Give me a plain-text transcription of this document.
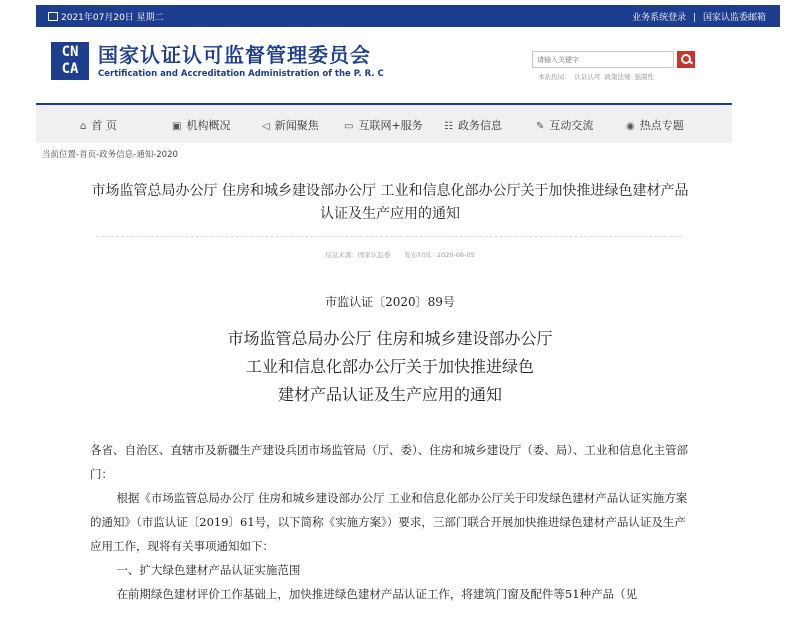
2021年07月20日 星期二	业务系统登录 | 国家认监委邮箱
CN
CA
国家认证认可监督管理委员会
Certification and Accreditation Administration of the P. R. C
请输入关键字	本站热词： 认证认可 政策法规 强制性
⌂ 首 页	▣ 机构概况	◁ 新闻聚焦	▭ 互联网+服务 ☷ 政务信息	✎ 互动交流	◉ 热点专题
当前位置-首页-政务信息-通知-2020
市场监管总局办公厅 住房和城乡建设部办公厅 工业和信息化部办公厅关于加快推进绿色建材产品认证及生产应用的通知
信息来源：国家认监委 发布时间：2020-08-05
市监认证〔2020〕89号
市场监管总局办公厅 住房和城乡建设部办公厅
工业和信息化部办公厅关于加快推进绿色
建材产品认证及生产应用的通知

各省、自治区、直辖市及新疆生产建设兵团市场监管局（厅、委）、住房和城乡建设厅（委、局）、工业和信息化主管部门：

根据《市场监管总局办公厅 住房和城乡建设部办公厅 工业和信息化部办公厅关于印发绿色建材产品认证实施方案的通知》（市监认证〔2019〕61号，以下简称《实施方案》）要求，三部门联合开展加快推进绿色建材产品认证及生产应用工作，现将有关事项通知如下：

一、扩大绿色建材产品认证实施范围

在前期绿色建材评价工作基础上，加快推进绿色建材产品认证工作，将建筑门窗及配件等51种产品（见
